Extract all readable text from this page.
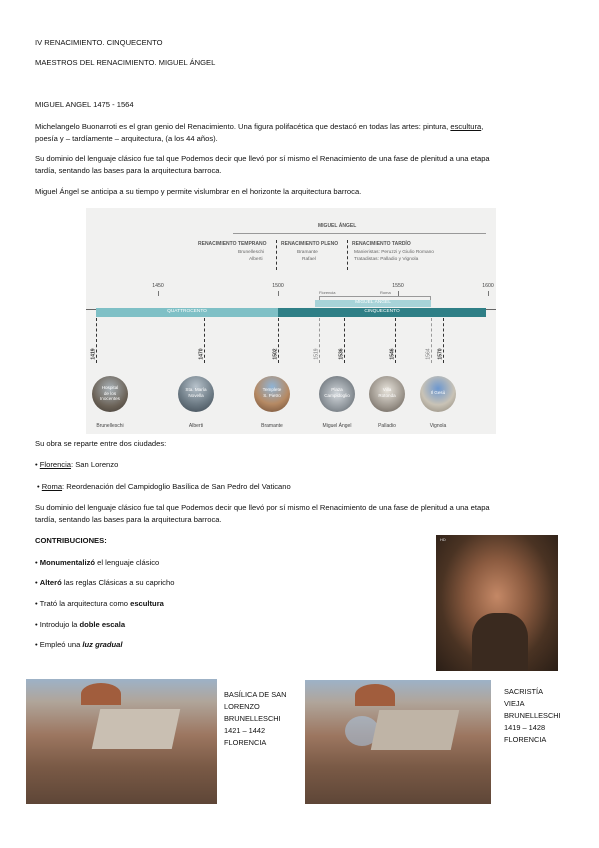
IV RENACIMIENTO. CINQUECENTO
MAESTROS DEL RENACIMIENTO. MIGUEL ÁNGEL
MIGUEL ANGEL 1475 - 1564
Michelangelo Buonarroti es el gran genio del Renacimiento. Una figura polifacética que destacó en todas las artes: pintura, escultura,
poesía y – tardíamente – arquitectura, (a los 44 años).
Su dominio del lenguaje clásico fue tal que Podemos decir que llevó por sí mismo el Renacimiento de una fase de plenitud a una etapa
tardía, sentando las bases para la arquitectura barroca.
Miguel Ángel se anticipa a su tiempo y permite vislumbrar en el horizonte la arquitectura barroca.
MIGUEL ÁNGEL
RENACIMIENTO TEMPRANO
Brunelleschi
Alberti
RENACIMIENTO PLENO
Bramante
Rafael
RENACIMIENTO TARDÍO
Manieristas: Peruzzi y Giulio Romano
Tratadistas: Palladio y Vignola
1450	1500	1550	1600
Florencia	Roma
MIGUEL ÁNGEL
QUATTROCENTO	CINQUECENTO
1419	1470	1502	1519	1536	1546	1564 1570
Hospital
de los
Inocentes
Brunelleschi
Sta. María
Novella
Alberti
Templete
S. Pietro
Bramante
Plaza
Campidoglio
Miguel Ángel
Villa
Rotonda
Palladio
Il Gesù
Vignola
Su obra se reparte entre dos ciudades:
• Florencia: San Lorenzo
• Roma: Reordenación del Campidoglio Basílica de San Pedro del Vaticano
Su dominio del lenguaje clásico fue tal que Podemos decir que llevó por sí mismo el Renacimiento de una fase de plenitud a una etapa
tardía, sentando las bases para la arquitectura barroca.
CONTRIBUCIONES:
• Monumentalizó el lenguaje clásico
• Alteró las reglas Clásicas a su capricho
• Trató la arquitectura como escultura
• Introdujo la doble escala
• Empleó una luz gradual
HD
BASÍLICA DE SAN
LORENZO
BRUNELLESCHI
1421 – 1442
FLORENCIA
SACRISTÍA
VIEJA
BRUNELLESCHI
1419 – 1428
FLORENCIA
